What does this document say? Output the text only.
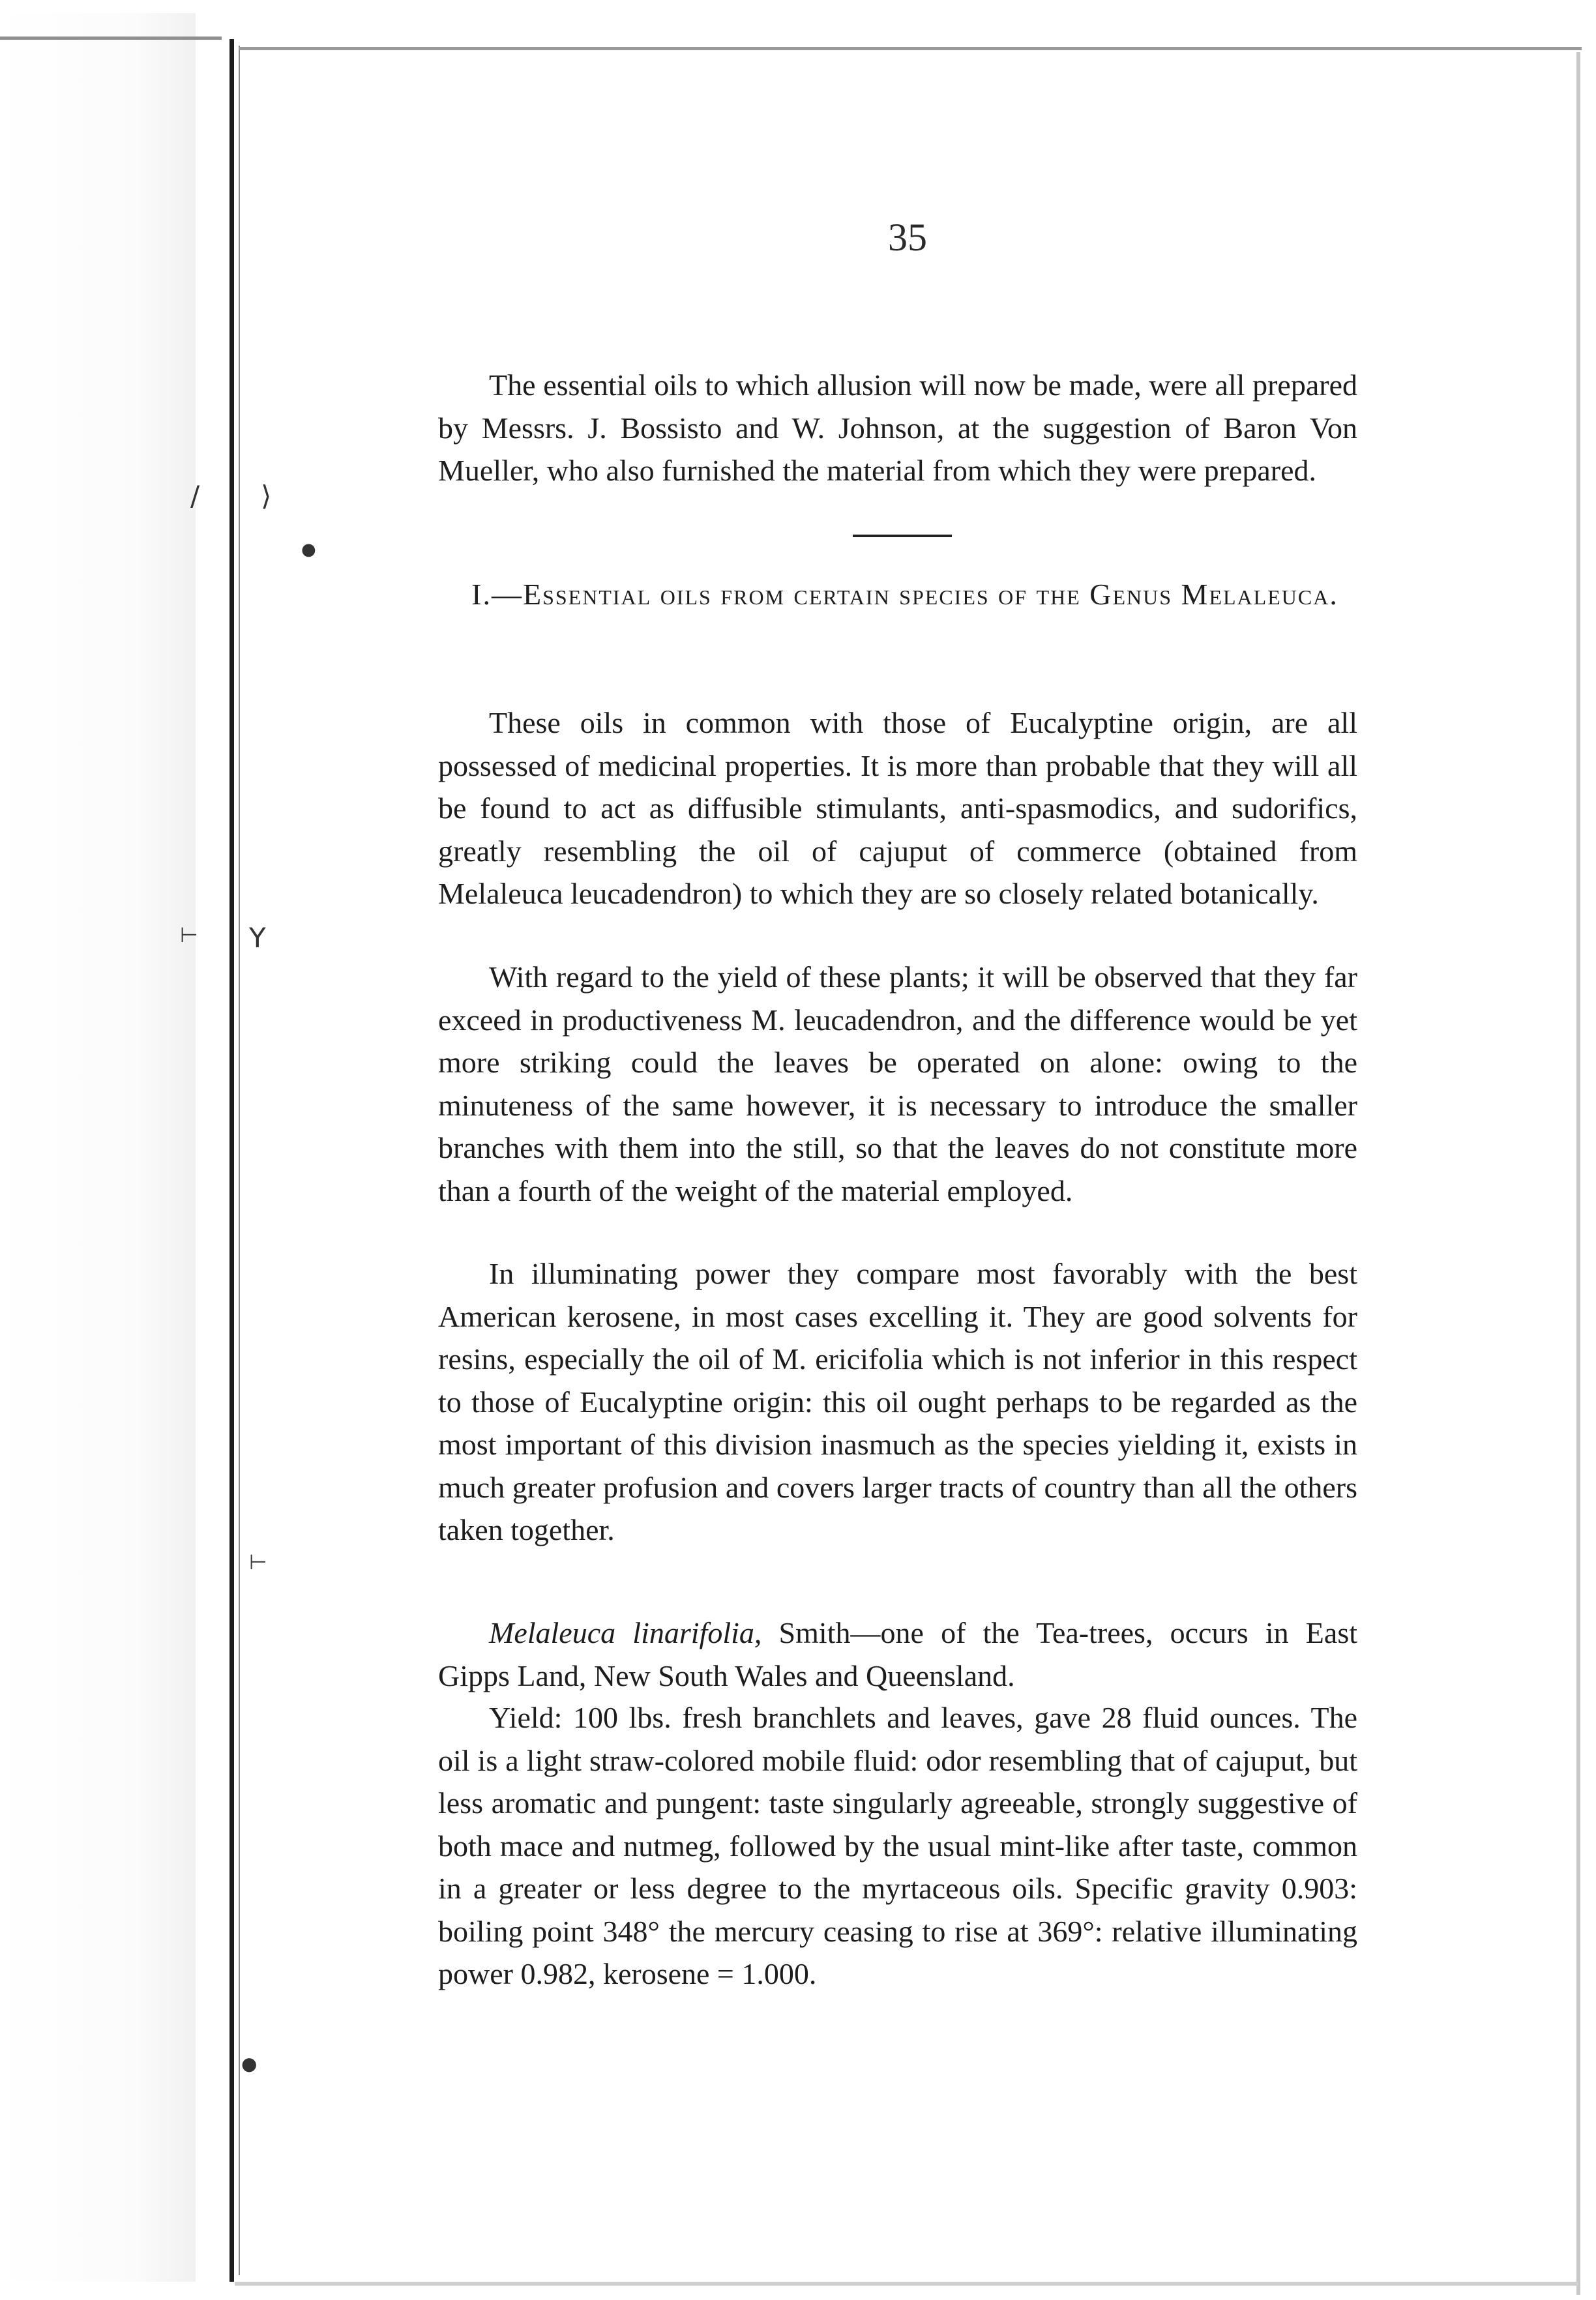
/ ⟩
●
⊢ Y
⊢
●
35

The essential oils to which allusion will now be made, were all prepared by Messrs. J. Bossisto and W. Johnson, at the suggestion of Baron Von Mueller, who also furnished the material from which they were prepared.

I.—Essential oils from certain species of the Genus Melaleuca.

These oils in common with those of Eucalyptine origin, are all possessed of medicinal properties. It is more than probable that they will all be found to act as diffusible stimulants, anti-spasmodics, and sudorifics, greatly resembling the oil of cajuput of commerce (obtained from Melaleuca leucadendron) to which they are so closely related botanically.

With regard to the yield of these plants; it will be observed that they far exceed in productiveness M. leucadendron, and the difference would be yet more striking could the leaves be operated on alone: owing to the minuteness of the same however, it is necessary to introduce the smaller branches with them into the still, so that the leaves do not constitute more than a fourth of the weight of the material employed.

In illuminating power they compare most favorably with the best American kerosene, in most cases excelling it. They are good solvents for resins, especially the oil of M. ericifolia which is not inferior in this respect to those of Eucalyptine origin: this oil ought perhaps to be regarded as the most important of this division inasmuch as the species yielding it, exists in much greater profusion and covers larger tracts of country than all the others taken together.

Melaleuca linarifolia, Smith—one of the Tea-trees, occurs in East Gipps Land, New South Wales and Queensland.

Yield: 100 lbs. fresh branchlets and leaves, gave 28 fluid ounces. The oil is a light straw-colored mobile fluid: odor resembling that of cajuput, but less aromatic and pungent: taste singularly agreeable, strongly suggestive of both mace and nutmeg, followed by the usual mint-like after taste, common in a greater or less degree to the myrtaceous oils. Specific gravity 0.903: boiling point 348° the mercury ceasing to rise at 369°: relative illuminating power 0.982, kerosene = 1.000.
